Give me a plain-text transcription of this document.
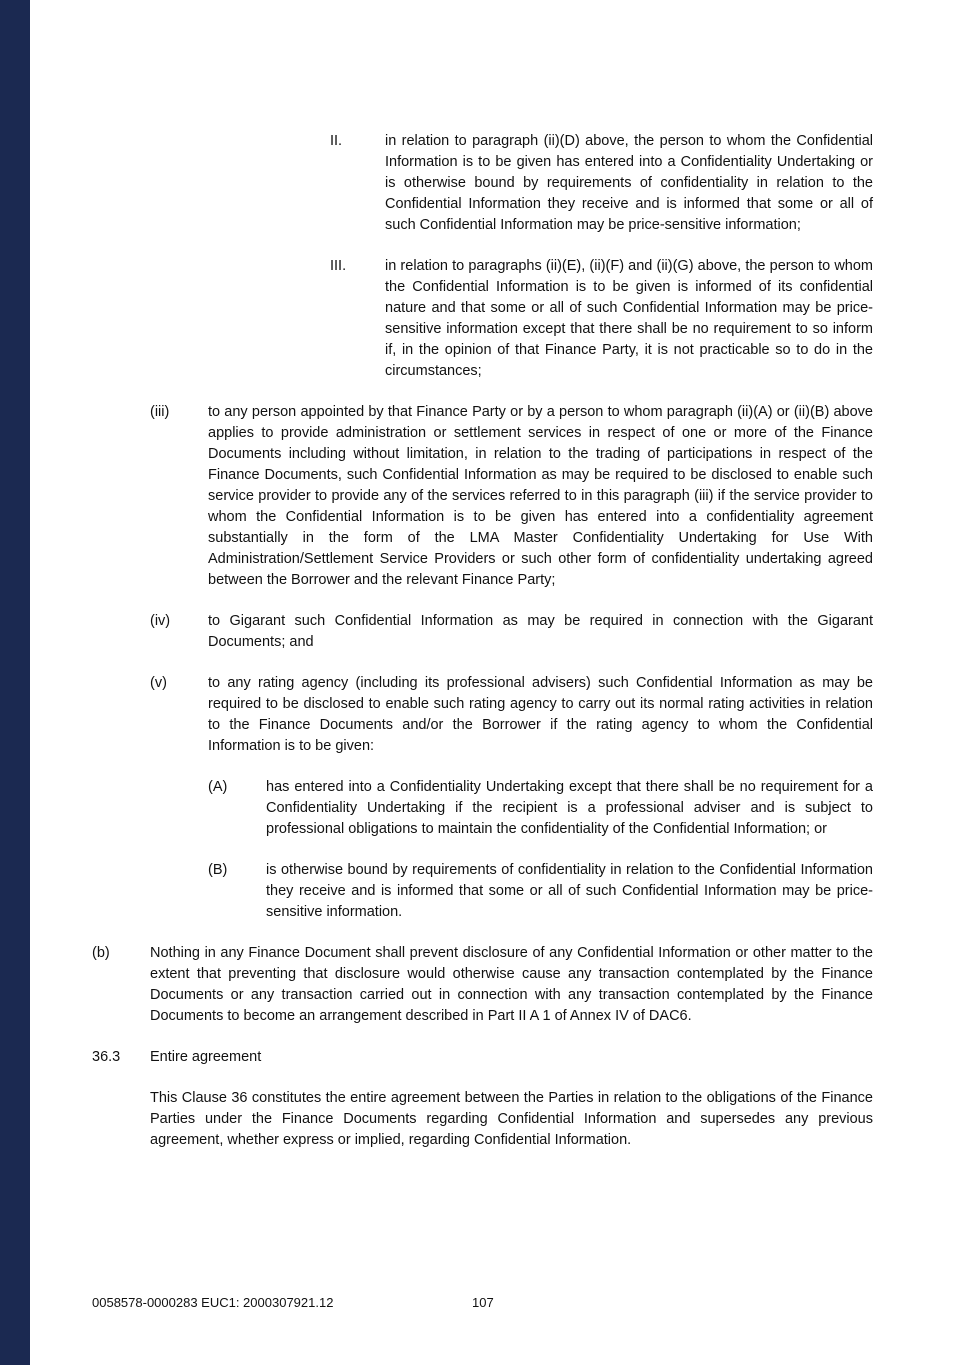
II.	in relation to paragraph (ii)(D) above, the person to whom the Confidential Information is to be given has entered into a Confidentiality Undertaking or is otherwise bound by requirements of confidentiality in relation to the Confidential Information they receive and is informed that some or all of such Confidential Information may be price-sensitive information;

III.	in relation to paragraphs (ii)(E), (ii)(F) and (ii)(G) above, the person to whom the Confidential Information is to be given is informed of its confidential nature and that some or all of such Confidential Information may be price-sensitive information except that there shall be no requirement to so inform if, in the opinion of that Finance Party, it is not practicable so to do in the circumstances;

(iii)	to any person appointed by that Finance Party or by a person to whom paragraph (ii)(A) or (ii)(B) above applies to provide administration or settlement services in respect of one or more of the Finance Documents including without limitation, in relation to the trading of participations in respect of the Finance Documents, such Confidential Information as may be required to be disclosed to enable such service provider to provide any of the services referred to in this paragraph (iii) if the service provider to whom the Confidential Information is to be given has entered into a confidentiality agreement substantially in the form of the LMA Master Confidentiality Undertaking for Use With Administration/Settlement Service Providers or such other form of confidentiality undertaking agreed between the Borrower and the relevant Finance Party;

(iv)	to Gigarant such Confidential Information as may be required in connection with the Gigarant Documents; and

(v)	to any rating agency (including its professional advisers) such Confidential Information as may be required to be disclosed to enable such rating agency to carry out its normal rating activities in relation to the Finance Documents and/or the Borrower if the rating agency to whom the Confidential Information is to be given:

(A)	has entered into a Confidentiality Undertaking except that there shall be no requirement for a Confidentiality Undertaking if the recipient is a professional adviser and is subject to professional obligations to maintain the confidentiality of the Confidential Information; or

(B)	is otherwise bound by requirements of confidentiality in relation to the Confidential Information they receive and is informed that some or all of such Confidential Information may be price-sensitive information.

(b)	Nothing in any Finance Document shall prevent disclosure of any Confidential Information or other matter to the extent that preventing that disclosure would otherwise cause any transaction contemplated by the Finance Documents or any transaction carried out in connection with any transaction contemplated by the Finance Documents to become an arrangement described in Part II A 1 of Annex IV of DAC6.

36.3	Entire agreement

This Clause 36 constitutes the entire agreement between the Parties in relation to the obligations of the Finance Parties under the Finance Documents regarding Confidential Information and supersedes any previous agreement, whether express or implied, regarding Confidential Information.

0058578-0000283 EUC1: 2000307921.12	107
